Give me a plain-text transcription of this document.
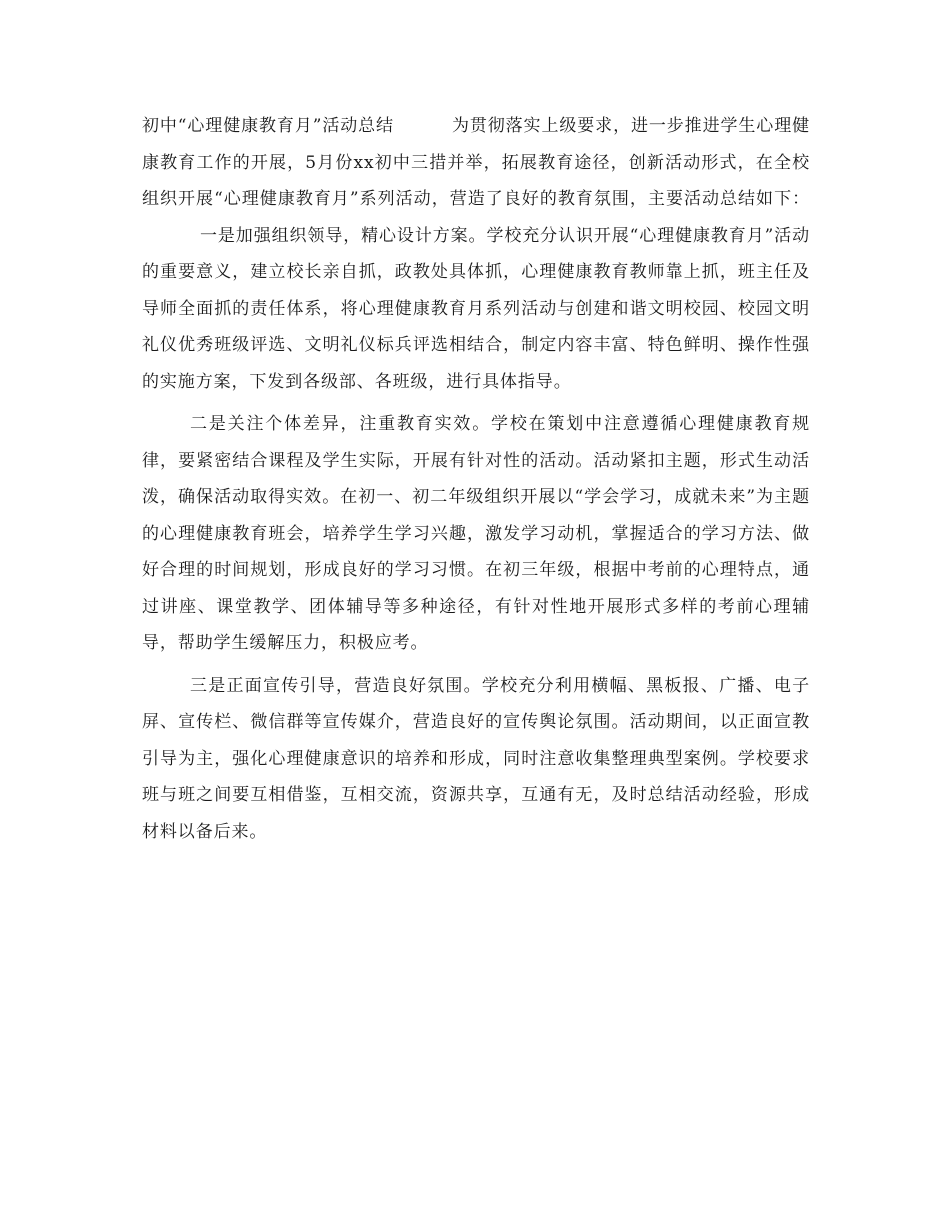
初中“心理健康教育月”活动总结	为贯彻落实上级要求，进一步推进学生心理健康教育工作的开展，5月份xx初中三措并举，拓展教育途径，创新活动形式，在全校组织开展“心理健康教育月”系列活动，营造了良好的教育氛围，主要活动总结如下：一是加强组织领导，精心设计方案。学校充分认识开展“心理健康教育月”活动的重要意义，建立校长亲自抓，政教处具体抓，心理健康教育教师靠上抓，班主任及导师全面抓的责任体系，将心理健康教育月系列活动与创建和谐文明校园、校园文明礼仪优秀班级评选、文明礼仪标兵评选相结合，制定内容丰富、特色鲜明、操作性强的实施方案，下发到各级部、各班级，进行具体指导。

二是关注个体差异，注重教育实效。学校在策划中注意遵循心理健康教育规律，要紧密结合课程及学生实际，开展有针对性的活动。活动紧扣主题，形式生动活泼，确保活动取得实效。在初一、初二年级组织开展以“学会学习，成就未来”为主题的心理健康教育班会，培养学生学习兴趣，激发学习动机，掌握适合的学习方法、做好合理的时间规划，形成良好的学习习惯。在初三年级，根据中考前的心理特点，通过讲座、课堂教学、团体辅导等多种途径，有针对性地开展形式多样的考前心理辅导，帮助学生缓解压力，积极应考。

三是正面宣传引导，营造良好氛围。学校充分利用横幅、黑板报、广播、电子屏、宣传栏、微信群等宣传媒介，营造良好的宣传舆论氛围。活动期间，以正面宣教引导为主，强化心理健康意识的培养和形成，同时注意收集整理典型案例。学校要求班与班之间要互相借鉴，互相交流，资源共享，互通有无，及时总结活动经验，形成材料以备后来。
